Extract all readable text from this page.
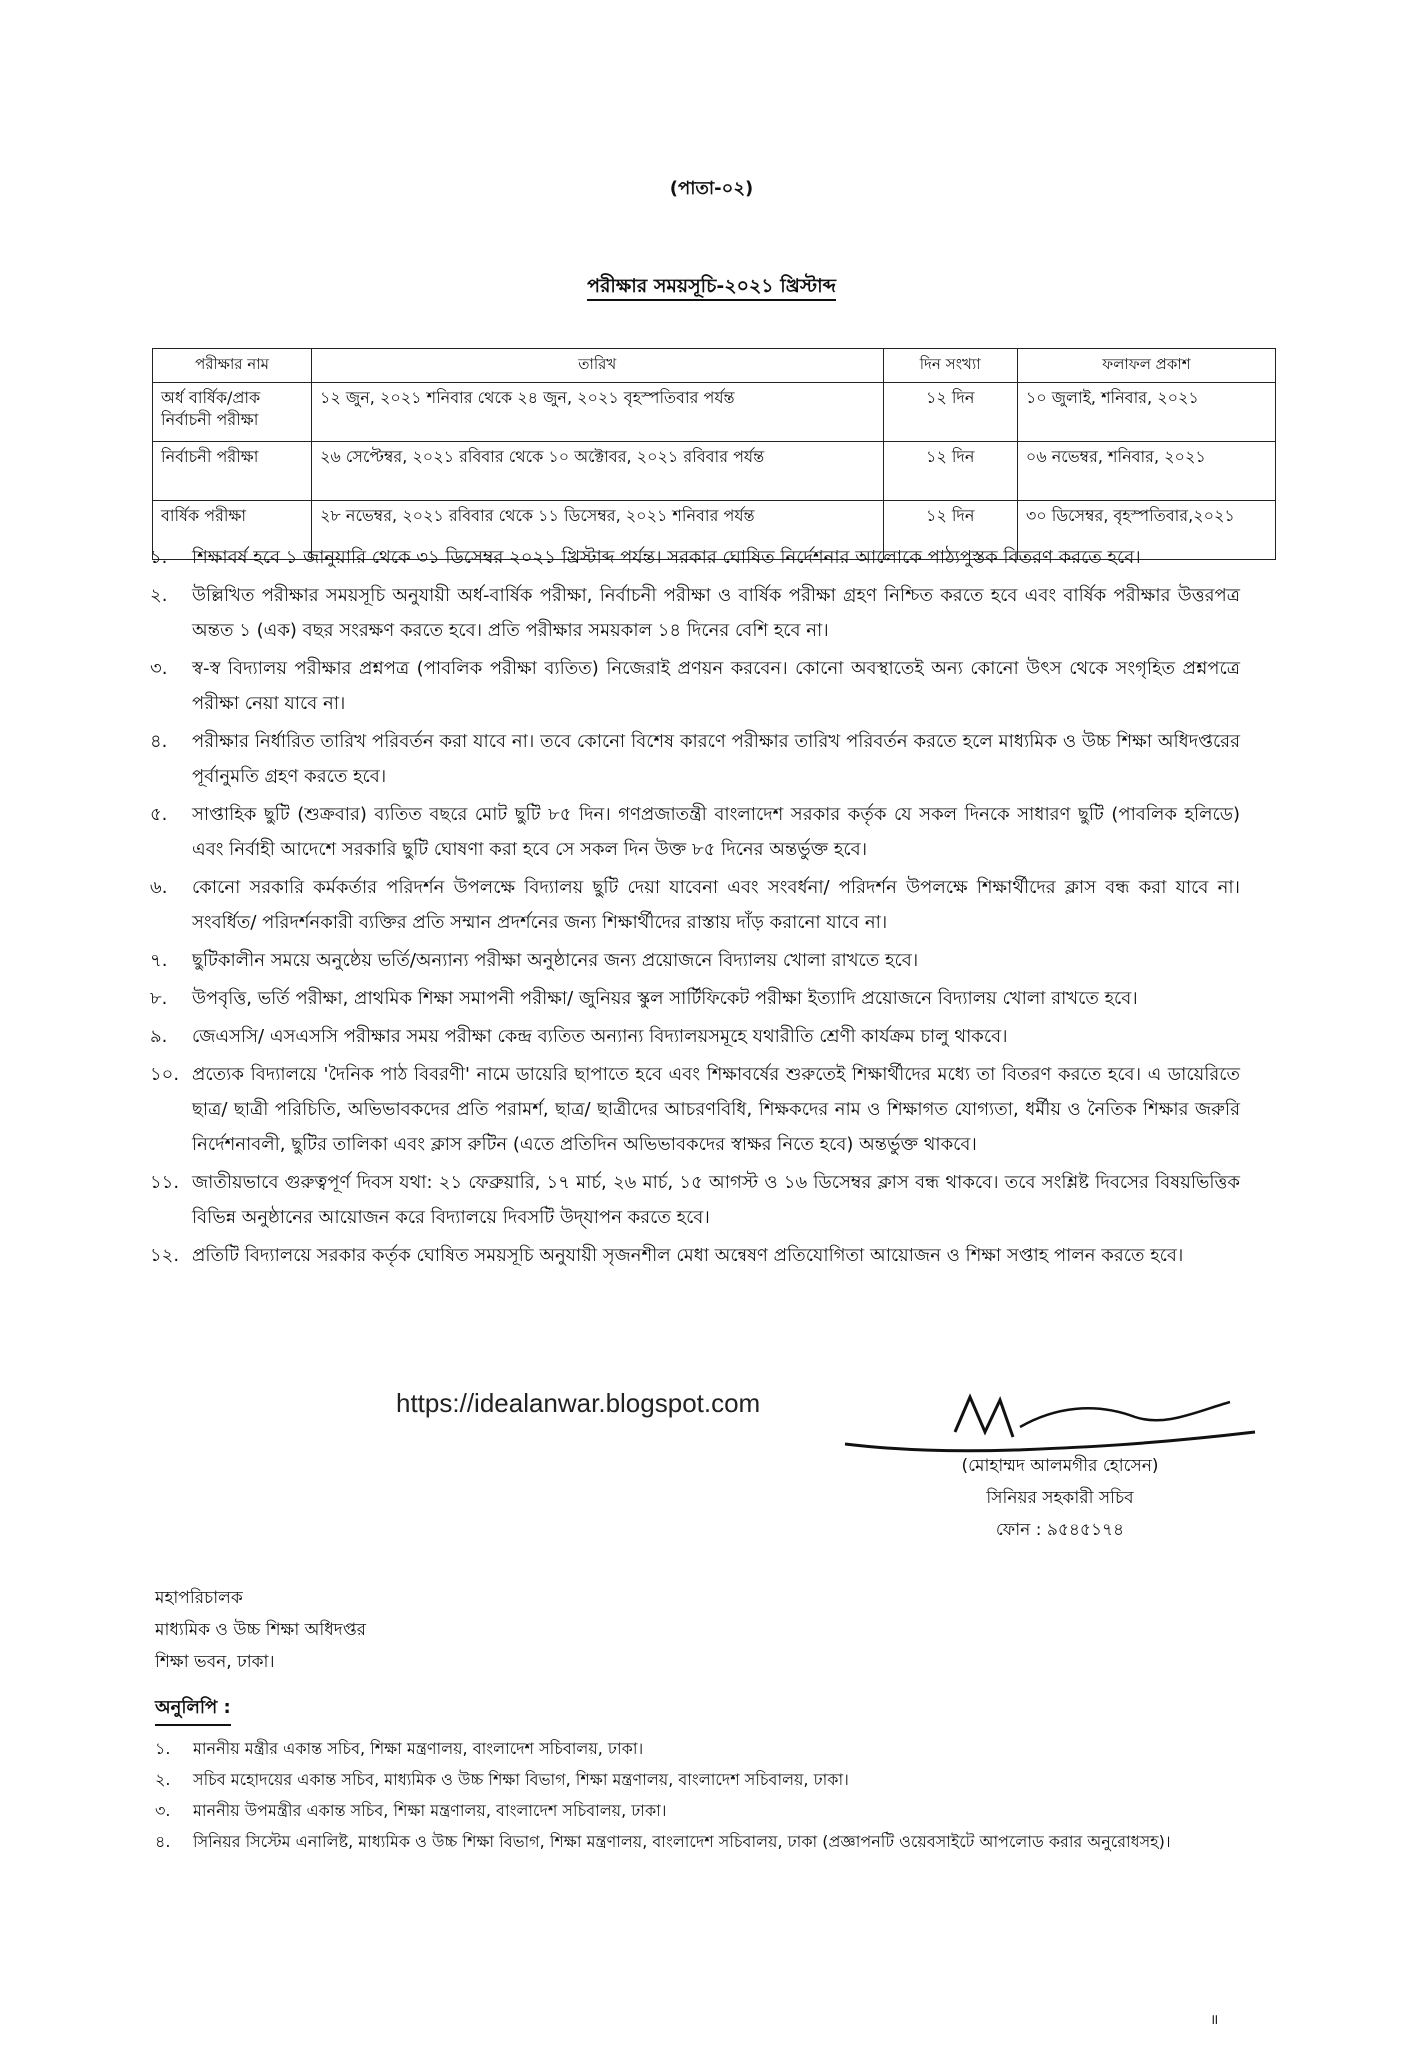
(পাতা-০২)
পরীক্ষার সময়সূচি-২০২১ খ্রিস্টাব্দ
পরীক্ষার নাম	তারিখ	দিন সংখ্যা	ফলাফল প্রকাশ
অর্ধ বার্ষিক/প্রাক নির্বাচনী পরীক্ষা	১২ জুন, ২০২১ শনিবার থেকে ২৪ জুন, ২০২১ বৃহস্পতিবার পর্যন্ত	১২ দিন	১০ জুলাই, শনিবার, ২০২১
নির্বাচনী পরীক্ষা	২৬ সেপ্টেম্বর, ২০২১ রবিবার থেকে ১০ অক্টোবর, ২০২১ রবিবার পর্যন্ত	১২ দিন	০৬ নভেম্বর, শনিবার, ২০২১
বার্ষিক পরীক্ষা	২৮ নভেম্বর, ২০২১ রবিবার থেকে ১১ ডিসেম্বর, ২০২১ শনিবার পর্যন্ত	১২ দিন	৩০ ডিসেম্বর, বৃহস্পতিবার,২০২১
১.	শিক্ষাবর্ষ হবে ১ জানুয়ারি থেকে ৩১ ডিসেম্বর ২০২১ খ্রিস্টাব্দ পর্যন্ত। সরকার ঘোষিত নির্দেশনার আলোকে পাঠ্যপুস্তক বিতরণ করতে হবে।
২.	উল্লিখিত পরীক্ষার সময়সূচি অনুযায়ী অর্ধ-বার্ষিক পরীক্ষা, নির্বাচনী পরীক্ষা ও বার্ষিক পরীক্ষা গ্রহণ নিশ্চিত করতে হবে এবং বার্ষিক পরীক্ষার উত্তরপত্র অন্তত ১ (এক) বছর সংরক্ষণ করতে হবে। প্রতি পরীক্ষার সময়কাল ১৪ দিনের বেশি হবে না।
৩.	স্ব-স্ব বিদ্যালয় পরীক্ষার প্রশ্নপত্র (পাবলিক পরীক্ষা ব্যতিত) নিজেরাই প্রণয়ন করবেন। কোনো অবস্থাতেই অন্য কোনো উৎস থেকে সংগৃহিত প্রশ্নপত্রে পরীক্ষা নেয়া যাবে না।
৪.	পরীক্ষার নির্ধারিত তারিখ পরিবর্তন করা যাবে না। তবে কোনো বিশেষ কারণে পরীক্ষার তারিখ পরিবর্তন করতে হলে মাধ্যমিক ও উচ্চ শিক্ষা অধিদপ্তরের পূর্বানুমতি গ্রহণ করতে হবে।
৫.	সাপ্তাহিক ছুটি (শুক্রবার) ব্যতিত বছরে মোট ছুটি ৮৫ দিন। গণপ্রজাতন্ত্রী বাংলাদেশ সরকার কর্তৃক যে সকল দিনকে সাধারণ ছুটি (পাবলিক হলিডে) এবং নির্বাহী আদেশে সরকারি ছুটি ঘোষণা করা হবে সে সকল দিন উক্ত ৮৫ দিনের অন্তর্ভুক্ত হবে।
৬.	কোনো সরকারি কর্মকর্তার পরিদর্শন উপলক্ষে বিদ্যালয় ছুটি দেয়া যাবেনা এবং সংবর্ধনা/ পরিদর্শন উপলক্ষে শিক্ষার্থীদের ক্লাস বন্ধ করা যাবে না। সংবর্ধিত/ পরিদর্শনকারী ব্যক্তির প্রতি সম্মান প্রদর্শনের জন্য শিক্ষার্থীদের রাস্তায় দাঁড় করানো যাবে না।
৭.	ছুটিকালীন সময়ে অনুষ্ঠেয় ভর্তি/অন্যান্য পরীক্ষা অনুষ্ঠানের জন্য প্রয়োজনে বিদ্যালয় খোলা রাখতে হবে।
৮.	উপবৃত্তি, ভর্তি পরীক্ষা, প্রাথমিক শিক্ষা সমাপনী পরীক্ষা/ জুনিয়র স্কুল সার্টিফিকেট পরীক্ষা ইত্যাদি প্রয়োজনে বিদ্যালয় খোলা রাখতে হবে।
৯.	জেএসসি/ এসএসসি পরীক্ষার সময় পরীক্ষা কেন্দ্র ব্যতিত অন্যান্য বিদ্যালয়সমূহে যথারীতি শ্রেণী কার্যক্রম চালু থাকবে।
১০. প্রত্যেক বিদ্যালয়ে 'দৈনিক পাঠ বিবরণী' নামে ডায়েরি ছাপাতে হবে এবং শিক্ষাবর্ষের শুরুতেই শিক্ষার্থীদের মধ্যে তা বিতরণ করতে হবে। এ ডায়েরিতে ছাত্র/ ছাত্রী পরিচিতি, অভিভাবকদের প্রতি পরামর্শ, ছাত্র/ ছাত্রীদের আচরণবিধি, শিক্ষকদের নাম ও শিক্ষাগত যোগ্যতা, ধর্মীয় ও নৈতিক শিক্ষার জরুরি নির্দেশনাবলী, ছুটির তালিকা এবং ক্লাস রুটিন (এতে প্রতিদিন অভিভাবকদের স্বাক্ষর নিতে হবে) অন্তর্ভুক্ত থাকবে।
১১. জাতীয়ভাবে গুরুত্বপূর্ণ দিবস যথা: ২১ ফেব্রুয়ারি, ১৭ মার্চ, ২৬ মার্চ, ১৫ আগস্ট ও ১৬ ডিসেম্বর ক্লাস বন্ধ থাকবে। তবে সংশ্লিষ্ট দিবসের বিষয়ভিত্তিক বিভিন্ন অনুষ্ঠানের আয়োজন করে বিদ্যালয়ে দিবসটি উদ্‌যাপন করতে হবে।
১২. প্রতিটি বিদ্যালয়ে সরকার কর্তৃক ঘোষিত সময়সূচি অনুযায়ী সৃজনশীল মেধা অন্বেষণ প্রতিযোগিতা আয়োজন ও শিক্ষা সপ্তাহ পালন করতে হবে।
https://idealanwar.blogspot.com
(মোহাম্মদ আলমগীর হোসেন)
সিনিয়র সহকারী সচিব
ফোন : ৯৫৪৫১৭৪
মহাপরিচালক
মাধ্যমিক ও উচ্চ শিক্ষা অধিদপ্তর
শিক্ষা ভবন, ঢাকা।
অনুলিপি :
১.	মাননীয় মন্ত্রীর একান্ত সচিব, শিক্ষা মন্ত্রণালয়, বাংলাদেশ সচিবালয়, ঢাকা।
২.	সচিব মহোদয়ের একান্ত সচিব, মাধ্যমিক ও উচ্চ শিক্ষা বিভাগ, শিক্ষা মন্ত্রণালয়, বাংলাদেশ সচিবালয়, ঢাকা।
৩.	মাননীয় উপমন্ত্রীর একান্ত সচিব, শিক্ষা মন্ত্রণালয়, বাংলাদেশ সচিবালয়, ঢাকা।
৪.	সিনিয়র সিস্টেম এনালিষ্ট, মাধ্যমিক ও উচ্চ শিক্ষা বিভাগ, শিক্ষা মন্ত্রণালয়, বাংলাদেশ সচিবালয়, ঢাকা (প্রজ্ঞাপনটি ওয়েবসাইটে আপলোড করার অনুরোধসহ)।
॥
